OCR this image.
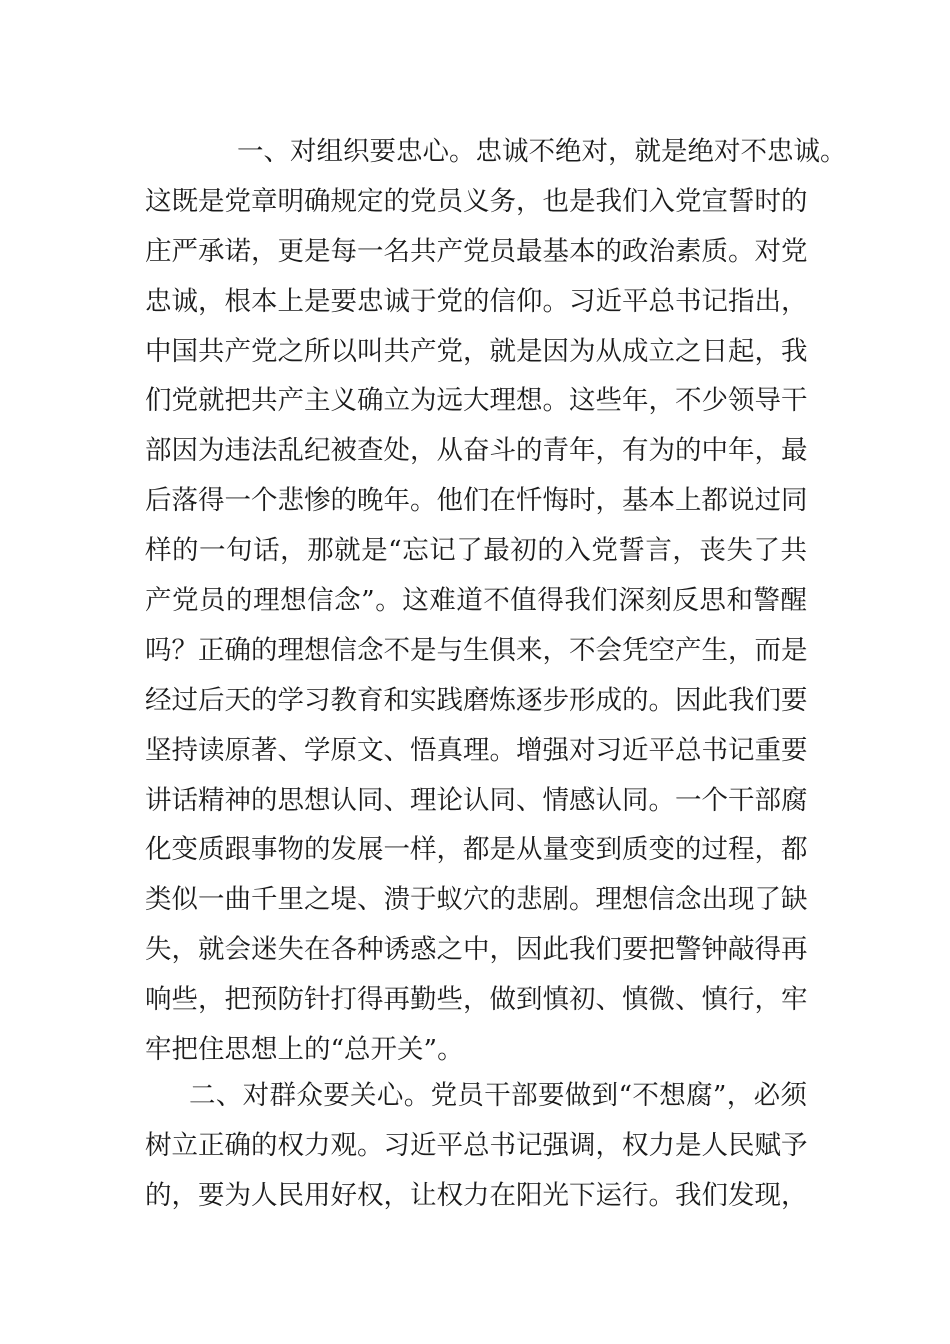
一、对组织要忠心。忠诚不绝对，就是绝对不忠诚。
这既是党章明确规定的党员义务，也是我们入党宣誓时的
庄严承诺，更是每一名共产党员最基本的政治素质。对党
忠诚，根本上是要忠诚于党的信仰。习近平总书记指出，
中国共产党之所以叫共产党，就是因为从成立之日起，我
们党就把共产主义确立为远大理想。这些年，不少领导干
部因为违法乱纪被查处，从奋斗的青年，有为的中年，最
后落得一个悲惨的晚年。他们在忏悔时，基本上都说过同
样的一句话，那就是“忘记了最初的入党誓言，丧失了共
产党员的理想信念”。这难道不值得我们深刻反思和警醒
吗？正确的理想信念不是与生俱来，不会凭空产生，而是
经过后天的学习教育和实践磨炼逐步形成的。因此我们要
坚持读原著、学原文、悟真理。增强对习近平总书记重要
讲话精神的思想认同、理论认同、情感认同。一个干部腐
化变质跟事物的发展一样，都是从量变到质变的过程，都
类似一曲千里之堤、溃于蚁穴的悲剧。理想信念出现了缺
失，就会迷失在各种诱惑之中，因此我们要把警钟敲得再
响些，把预防针打得再勤些，做到慎初、慎微、慎行，牢
牢把住思想上的“总开关”。
二、对群众要关心。党员干部要做到“不想腐”，必须
树立正确的权力观。习近平总书记强调，权力是人民赋予
的，要为人民用好权，让权力在阳光下运行。我们发现，
